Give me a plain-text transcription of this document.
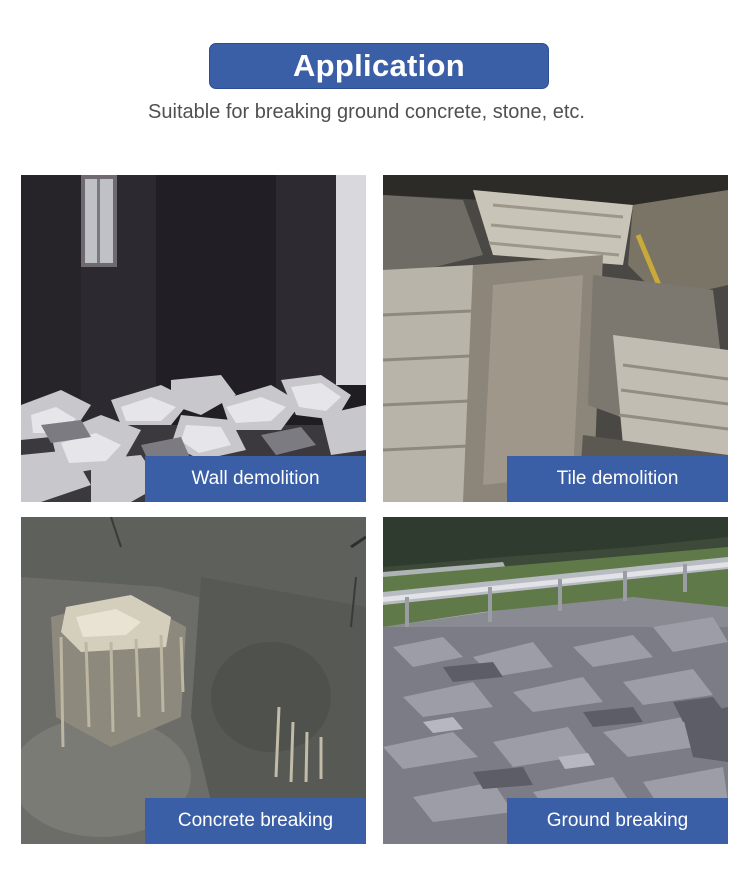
Application
Suitable for breaking ground concrete, stone, etc.
Wall demolition	Tile demolition
Concrete breaking	Ground breaking
